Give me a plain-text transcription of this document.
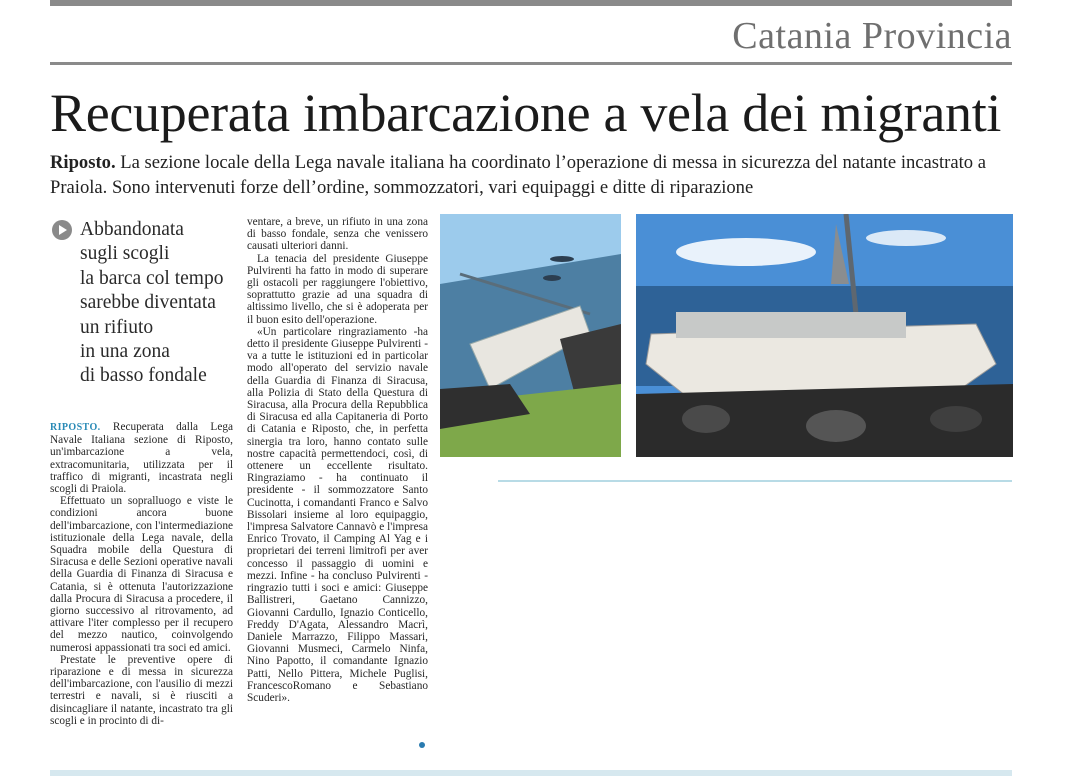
Catania Provincia
Recuperata imbarcazione a vela dei migranti
Riposto. La sezione locale della Lega navale italiana ha coordinato l’operazione di messa in sicurezza del natante incastrato a Praiola. Sono intervenuti forze dell’ordine, sommozzatori, vari equipaggi e ditte di riparazione
Abbandonata
sugli scogli
la barca col tempo
sarebbe diventata
un rifiuto
in una zona
di basso fondale

RIPOSTO. Recuperata dalla Lega Navale Italiana sezione di Riposto, un'imbarcazione a vela, extracomunitaria, utilizzata per il traffico di migranti, incastrata negli scogli di Praiola.

Effettuato un sopralluogo e viste le condizioni ancora buone dell'imbarcazione, con l'intermediazione istituzionale della Lega navale, della Squadra mobile della Questura di Siracusa e delle Sezioni operative navali della Guardia di Finanza di Siracusa e Catania, si è ottenuta l'autorizzazione dalla Procura di Siracusa a procedere, il giorno successivo al ritrovamento, ad attivare l'iter complesso per il recupero del mezzo nautico, coinvolgendo numerosi appassionati tra soci ed amici.

Prestate le preventive opere di riparazione e di messa in sicurezza dell'imbarcazione, con l'ausilio di mezzi terrestri e navali, si è riusciti a disincagliare il natante, incastrato tra gli scogli e in procinto di di-

ventare, a breve, un rifiuto in una zona di basso fondale, senza che venissero causati ulteriori danni.

La tenacia del presidente Giuseppe Pulvirenti ha fatto in modo di superare gli ostacoli per raggiungere l'obiettivo, soprattutto grazie ad una squadra di altissimo livello, che si è adoperata per il buon esito dell'operazione.

«Un particolare ringraziamento -ha detto il presidente Giuseppe Pulvirenti - va a tutte le istituzioni ed in particolar modo all'operato del servizio navale della Guardia di Finanza di Siracusa, alla Polizia di Stato della Questura di Siracusa, alla Procura della Repubblica di Siracusa ed alla Capitaneria di Porto di Catania e Riposto, che, in perfetta sinergia tra loro, hanno contato sulle nostre capacità permettendoci, così, di ottenere un eccellente risultato. Ringraziamo - ha continuato il presidente - il sommozzatore Santo Cucinotta, i comandanti Franco e Salvo Bissolari insieme al loro equipaggio, l'impresa Salvatore Cannavò e l'impresa Enrico Trovato, il Camping Al Yag e i proprietari dei terreni limitrofi per aver concesso il passaggio di uomini e mezzi. Infine - ha concluso Pulvirenti - ringrazio tutti i soci e amici: Giuseppe Ballistreri, Gaetano Cannizzo, Giovanni Cardullo, Ignazio Conticello, Freddy D'Agata, Alessandro Macrì, Daniele Marrazzo, Filippo Massari, Giovanni Musmeci, Carmelo Ninfa, Nino Papotto, il comandante Ignazio Patti, Nello Pittera, Michele Puglisi, FrancescoRomano e Sebastiano Scuderi».
